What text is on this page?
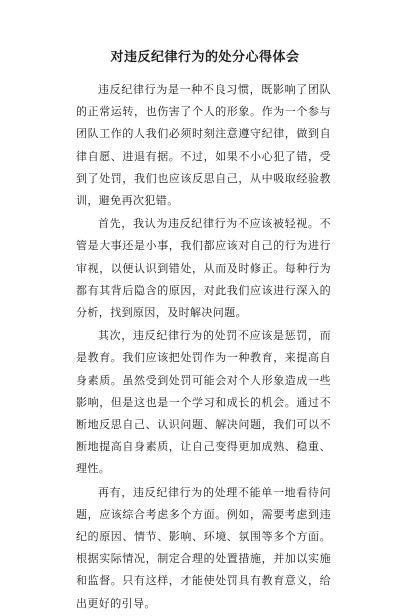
对违反纪律行为的处分心得体会

违反纪律行为是一种不良习惯，既影响了团队的正常运转，也伤害了个人的形象。作为一个参与团队工作的人我们必须时刻注意遵守纪律，做到自律自愿、进退有据。不过，如果不小心犯了错，受到了处罚，我们也应该反思自己，从中吸取经验教训，避免再次犯错。

首先，我认为违反纪律行为不应该被轻视。不管是大事还是小事，我们都应该对自己的行为进行审视，以便认识到错处，从而及时修正。每种行为都有其背后隐含的原因，对此我们应该进行深入的分析，找到原因，及时解决问题。

其次，违反纪律行为的处罚不应该是惩罚，而是教育。我们应该把处罚作为一种教育，来提高自身素质。虽然受到处罚可能会对个人形象造成一些影响，但是这也是一个学习和成长的机会。通过不断地反思自己、认识问题、解决问题，我们可以不断地提高自身素质，让自己变得更加成熟、稳重、理性。

再有，违反纪律行为的处理不能单一地看待问题，应该综合考虑多个方面。例如，需要考虑到违纪的原因、情节、影响、环境、氛围等多个方面。根据实际情况，制定合理的处置措施，并加以实施和监督。只有这样，才能使处罚具有教育意义，给出更好的引导。
